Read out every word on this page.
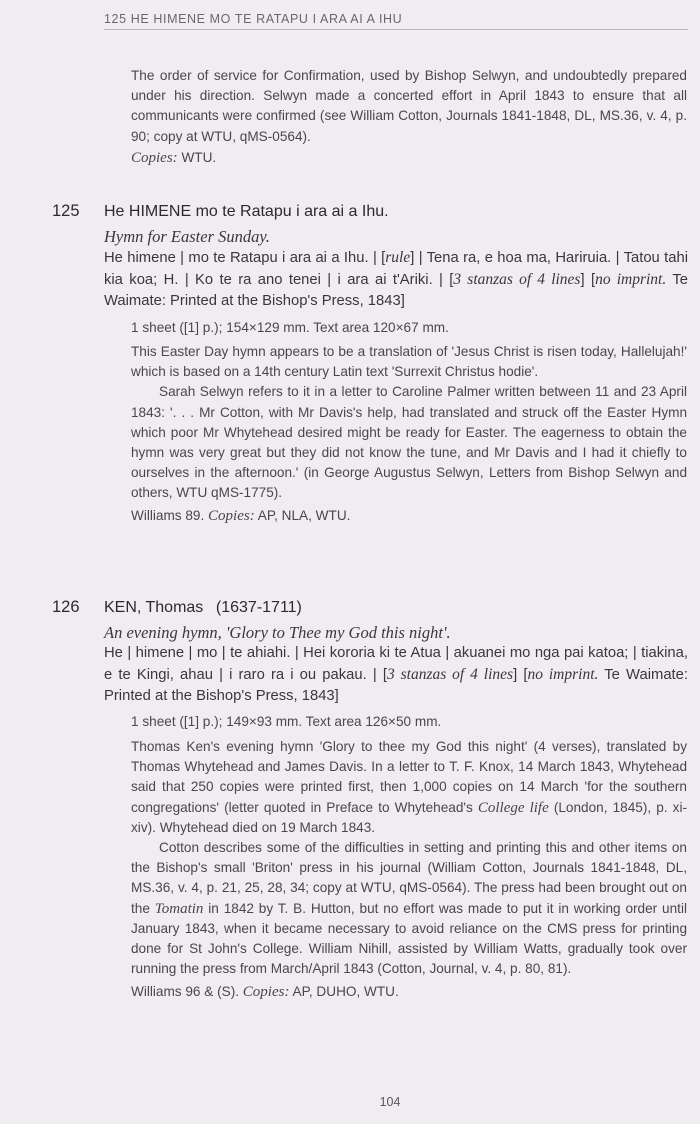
125 HE HIMENE MO TE RATAPU I ARA AI A IHU

The order of service for Confirmation, used by Bishop Selwyn, and undoubtedly prepared under his direction. Selwyn made a concerted effort in April 1843 to ensure that all communicants were confirmed (see William Cotton, Journals 1841-1848, DL, MS.36, v. 4, p. 90; copy at WTU, qMS-0564).

Copies: WTU.

125 He HIMENE mo te Ratapu i ara ai a Ihu.

Hymn for Easter Sunday.

He himene | mo te Ratapu i ara ai a Ihu. | [rule] | Tena ra, e hoa ma, Hariruia. | Tatou tahi kia koa; H. | Ko te ra ano tenei | i ara ai t'Ariki. | [3 stanzas of 4 lines] [no imprint. Te Waimate: Printed at the Bishop's Press, 1843]

1 sheet ([1] p.); 154×129 mm. Text area 120×67 mm.

This Easter Day hymn appears to be a translation of 'Jesus Christ is risen today, Hallelujah!' which is based on a 14th century Latin text 'Surrexit Christus hodie'.

Sarah Selwyn refers to it in a letter to Caroline Palmer written between 11 and 23 April 1843: '. . . Mr Cotton, with Mr Davis's help, had translated and struck off the Easter Hymn which poor Mr Whytehead desired might be ready for Easter. The eagerness to obtain the hymn was very great but they did not know the tune, and Mr Davis and I had it chiefly to ourselves in the afternoon.' (in George Augustus Selwyn, Letters from Bishop Selwyn and others, WTU qMS-1775).

Williams 89. Copies: AP, NLA, WTU.

126 KEN, Thomas (1637-1711)

An evening hymn, 'Glory to Thee my God this night'.

He | himene | mo | te ahiahi. | Hei kororia ki te Atua | akuanei mo nga pai katoa; | tiakina, e te Kingi, ahau | i raro ra i ou pakau. | [3 stanzas of 4 lines] [no imprint. Te Waimate: Printed at the Bishop's Press, 1843]

1 sheet ([1] p.); 149×93 mm. Text area 126×50 mm.

Thomas Ken's evening hymn 'Glory to thee my God this night' (4 verses), translated by Thomas Whytehead and James Davis. In a letter to T. F. Knox, 14 March 1843, Whytehead said that 250 copies were printed first, then 1,000 copies on 14 March 'for the southern congregations' (letter quoted in Preface to Whytehead's College life (London, 1845), p. xi-xiv). Whytehead died on 19 March 1843.

Cotton describes some of the difficulties in setting and printing this and other items on the Bishop's small 'Briton' press in his journal (William Cotton, Journals 1841-1848, DL, MS.36, v. 4, p. 21, 25, 28, 34; copy at WTU, qMS-0564). The press had been brought out on the Tomatin in 1842 by T. B. Hutton, but no effort was made to put it in working order until January 1843, when it became necessary to avoid reliance on the CMS press for printing done for St John's College. William Nihill, assisted by William Watts, gradually took over running the press from March/April 1843 (Cotton, Journal, v. 4, p. 80, 81).

Williams 96 & (S). Copies: AP, DUHO, WTU.

104
